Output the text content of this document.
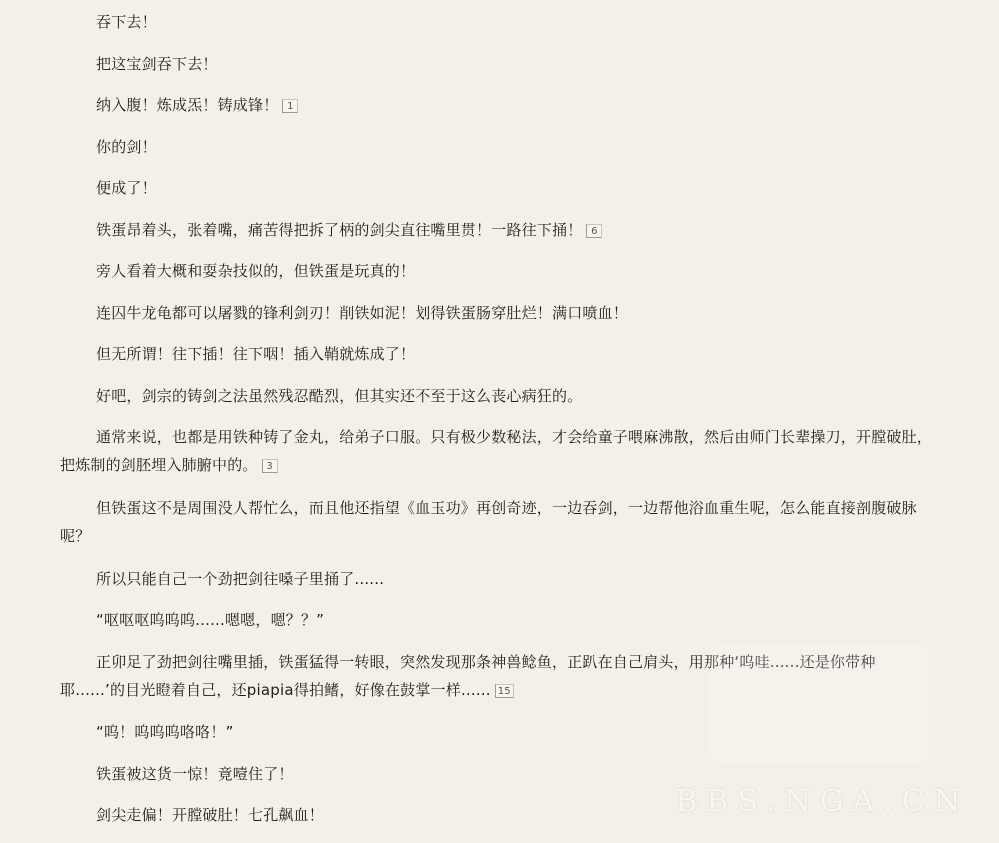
吞下去！

把这宝剑吞下去！

纳入腹！炼成炁！铸成锋！ 1

你的剑！

便成了！

铁蛋昂着头，张着嘴，痛苦得把拆了柄的剑尖直往嘴里贯！一路往下捅！ 6

旁人看着大概和耍杂技似的，但铁蛋是玩真的！

连囚牛龙龟都可以屠戮的锋利剑刃！削铁如泥！划得铁蛋肠穿肚烂！满口喷血！

但无所谓！往下插！往下咽！插入鞘就炼成了！

好吧，剑宗的铸剑之法虽然残忍酷烈，但其实还不至于这么丧心病狂的。

通常来说，也都是用铁种铸了金丸，给弟子口服。只有极少数秘法，才会给童子喂麻沸散，然后由师门长辈操刀，开膛破肚，把炼制的剑胚埋入肺腑中的。 3

但铁蛋这不是周围没人帮忙么，而且他还指望《血玉功》再创奇迹，一边吞剑，一边帮他浴血重生呢，怎么能直接剖腹破脉呢？

所以只能自己一个劲把剑往嗓子里捅了......

“呕呕呕呜呜呜......嗯嗯，嗯？？”

正卯足了劲把剑往嘴里插，铁蛋猛得一转眼，突然发现那条神兽鲶鱼，正趴在自己肩头，用那种‘呜哇......还是你带种耶......’的目光瞪着自己，还piapia得拍鳍，好像在鼓掌一样...... 15

“呜！呜呜呜咯咯！”

铁蛋被这货一惊！竟噎住了！

剑尖走偏！开膛破肚！七孔飙血！	BBS.NGA.CN
